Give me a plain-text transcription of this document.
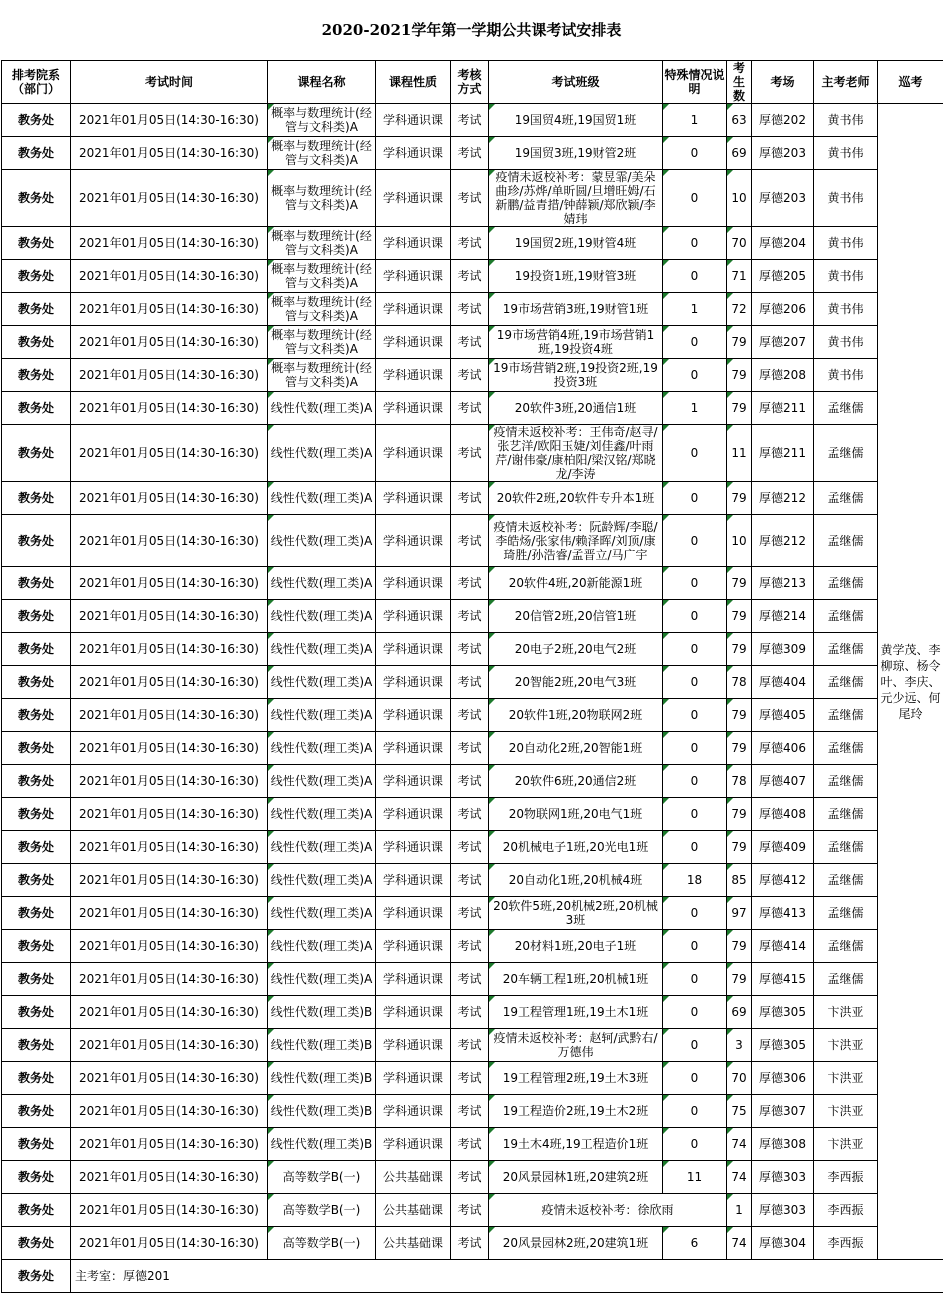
2020-2021学年第一学期公共课考试安排表
排考院系（部门）	考试时间	课程名称	课程性质	考核方式	考试班级	特殊情况说明	考生数	考场	主考老师	巡考
教务处	2021年01月05日(14:30-16:30)	概率与数理统计(经管与文科类)A	学科通识课	考试	19国贸4班,19国贸1班	1	63	厚德202	黄书伟	黄学茂、李柳琼、杨令叶、李庆、元少远、何尾玲
教务处	2021年01月05日(14:30-16:30)	概率与数理统计(经管与文科类)A	学科通识课	考试	19国贸3班,19财管2班	0	69	厚德203	黄书伟	
教务处	2021年01月05日(14:30-16:30)	概率与数理统计(经管与文科类)A	学科通识课	考试	疫情未返校补考：蒙昱霏/美朵曲珍/苏烨/单昕圆/旦增旺姆/石新鹏/益青措/钟薛颖/郑欣颖/李婧玮	0	10	厚德203	黄书伟	
教务处	2021年01月05日(14:30-16:30)	概率与数理统计(经管与文科类)A	学科通识课	考试	19国贸2班,19财管4班	0	70	厚德204	黄书伟	
教务处	2021年01月05日(14:30-16:30)	概率与数理统计(经管与文科类)A	学科通识课	考试	19投资1班,19财管3班	0	71	厚德205	黄书伟	
教务处	2021年01月05日(14:30-16:30)	概率与数理统计(经管与文科类)A	学科通识课	考试	19市场营销3班,19财管1班	1	72	厚德206	黄书伟	
教务处	2021年01月05日(14:30-16:30)	概率与数理统计(经管与文科类)A	学科通识课	考试	19市场营销4班,19市场营销1班,19投资4班	0	79	厚德207	黄书伟	
教务处	2021年01月05日(14:30-16:30)	概率与数理统计(经管与文科类)A	学科通识课	考试	19市场营销2班,19投资2班,19投资3班	0	79	厚德208	黄书伟	
教务处	2021年01月05日(14:30-16:30)	线性代数(理工类)A	学科通识课	考试	20软件3班,20通信1班	1	79	厚德211	孟继儒	
教务处	2021年01月05日(14:30-16:30)	线性代数(理工类)A	学科通识课	考试	疫情未返校补考：王伟奇/赵寻/张艺洋/欧阳玉婕/刘佳鑫/叶雨芹/谢伟豪/康柏阳/梁汉铭/郑晓龙/李涛	0	11	厚德211	孟继儒	
教务处	2021年01月05日(14:30-16:30)	线性代数(理工类)A	学科通识课	考试	20软件2班,20软件专升本1班	0	79	厚德212	孟继儒	
教务处	2021年01月05日(14:30-16:30)	线性代数(理工类)A	学科通识课	考试	疫情未返校补考：阮龄辉/李聪/李皓炀/张家伟/赖泽晖/刘顶/康琦胜/孙浩睿/孟晋立/马广宇	0	10	厚德212	孟继儒	
教务处	2021年01月05日(14:30-16:30)	线性代数(理工类)A	学科通识课	考试	20软件4班,20新能源1班	0	79	厚德213	孟继儒	
教务处	2021年01月05日(14:30-16:30)	线性代数(理工类)A	学科通识课	考试	20信管2班,20信管1班	0	79	厚德214	孟继儒	
教务处	2021年01月05日(14:30-16:30)	线性代数(理工类)A	学科通识课	考试	20电子2班,20电气2班	0	79	厚德309	孟继儒	
教务处	2021年01月05日(14:30-16:30)	线性代数(理工类)A	学科通识课	考试	20智能2班,20电气3班	0	78	厚德404	孟继儒	
教务处	2021年01月05日(14:30-16:30)	线性代数(理工类)A	学科通识课	考试	20软件1班,20物联网2班	0	79	厚德405	孟继儒	
教务处	2021年01月05日(14:30-16:30)	线性代数(理工类)A	学科通识课	考试	20自动化2班,20智能1班	0	79	厚德406	孟继儒	
教务处	2021年01月05日(14:30-16:30)	线性代数(理工类)A	学科通识课	考试	20软件6班,20通信2班	0	78	厚德407	孟继儒	
教务处	2021年01月05日(14:30-16:30)	线性代数(理工类)A	学科通识课	考试	20物联网1班,20电气1班	0	79	厚德408	孟继儒	
教务处	2021年01月05日(14:30-16:30)	线性代数(理工类)A	学科通识课	考试	20机械电子1班,20光电1班	0	79	厚德409	孟继儒	
教务处	2021年01月05日(14:30-16:30)	线性代数(理工类)A	学科通识课	考试	20自动化1班,20机械4班	18	85	厚德412	孟继儒	
教务处	2021年01月05日(14:30-16:30)	线性代数(理工类)A	学科通识课	考试	20软件5班,20机械2班,20机械3班	0	97	厚德413	孟继儒	
教务处	2021年01月05日(14:30-16:30)	线性代数(理工类)A	学科通识课	考试	20材料1班,20电子1班	0	79	厚德414	孟继儒	
教务处	2021年01月05日(14:30-16:30)	线性代数(理工类)A	学科通识课	考试	20车辆工程1班,20机械1班	0	79	厚德415	孟继儒	
教务处	2021年01月05日(14:30-16:30)	线性代数(理工类)B	学科通识课	考试	19工程管理1班,19土木1班	0	69	厚德305	卞洪亚	
教务处	2021年01月05日(14:30-16:30)	线性代数(理工类)B	学科通识课	考试	疫情未返校补考：赵轲/武黔右/万德伟	0	3	厚德305	卞洪亚	
教务处	2021年01月05日(14:30-16:30)	线性代数(理工类)B	学科通识课	考试	19工程管理2班,19土木3班	0	70	厚德306	卞洪亚	
教务处	2021年01月05日(14:30-16:30)	线性代数(理工类)B	学科通识课	考试	19工程造价2班,19土木2班	0	75	厚德307	卞洪亚	
教务处	2021年01月05日(14:30-16:30)	线性代数(理工类)B	学科通识课	考试	19土木4班,19工程造价1班	0	74	厚德308	卞洪亚	
教务处	2021年01月05日(14:30-16:30)	高等数学B(一)	公共基础课	考试	20风景园林1班,20建筑2班	11	74	厚德303	李西振	
教务处	2021年01月05日(14:30-16:30)	高等数学B(一)	公共基础课	考试	疫情未返校补考：徐欣雨		1	厚德303	李西振	
教务处	2021年01月05日(14:30-16:30)	高等数学B(一)	公共基础课	考试	20风景园林2班,20建筑1班	6	74	厚德304	李西振	
教务处	主考室：厚德201									
